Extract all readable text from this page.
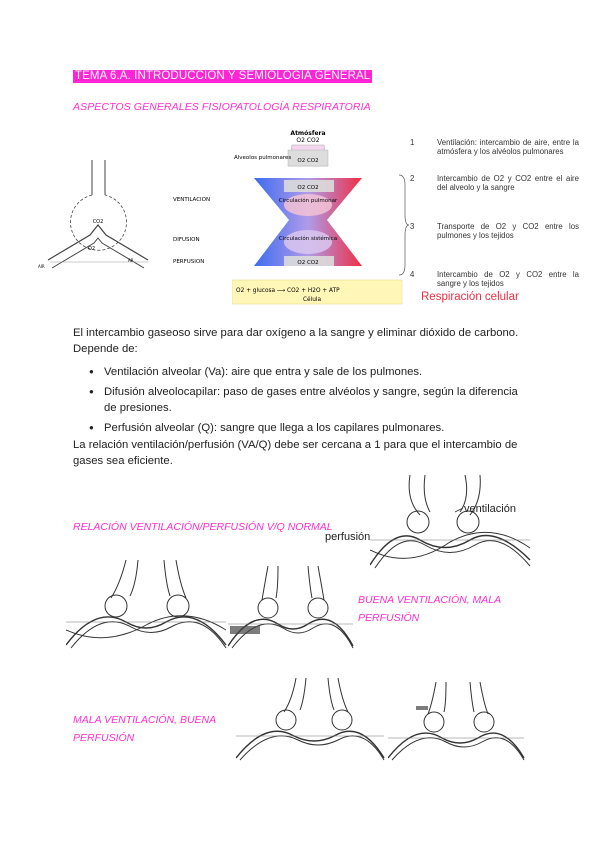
TEMA 6.A. INTRODUCCION Y SEMIOLOGIA GENERAL
ASPECTOS GENERALES FISIOPATOLOGÍA RESPIRATORIA
CO2
O2
AIR
AP
VENTILACION
DIFUSION
PERFUSION
Atmósfera
O2 CO2
Alveolos pulmonares O2 CO2
O2 CO2
Circulación pulmonar
Circulación sistémica
O2 CO2
O2 + glucosa ⟶ CO2 + H2O + ATP
Célula
1	Ventilación: intercambio de aire, entre la atmósfera y los alvéolos pulmonares
2	Intercambio de O2 y CO2 entre el aire del alveolo y la sangre
3	Transporte de O2 y CO2 entre los pulmones y los tejidos
4	Intercambio de O2 y CO2 entre la sangre y los tejidos
Respiración celular
El intercambio gaseoso sirve para dar oxígeno a la sangre y eliminar dióxido de carbono. Depende de:
● Ventilación alveolar (Va): aire que entra y sale de los pulmones.
● Difusión alveolocapilar: paso de gases entre alvéolos y sangre, según la diferencia de presiones.
● Perfusión alveolar (Q): sangre que llega a los capilares pulmonares.
La relación ventilación/perfusión (VA/Q) debe ser cercana a 1 para que el intercambio de gases sea eficiente.
ventilación
perfusión
RELACIÓN VENTILACIÓN/PERFUSIÓN V/Q NORMAL
BUENA VENTILACIÓN, MALA PERFUSIÓN
MALA VENTILACIÓN, BUENA PERFUSIÓN
